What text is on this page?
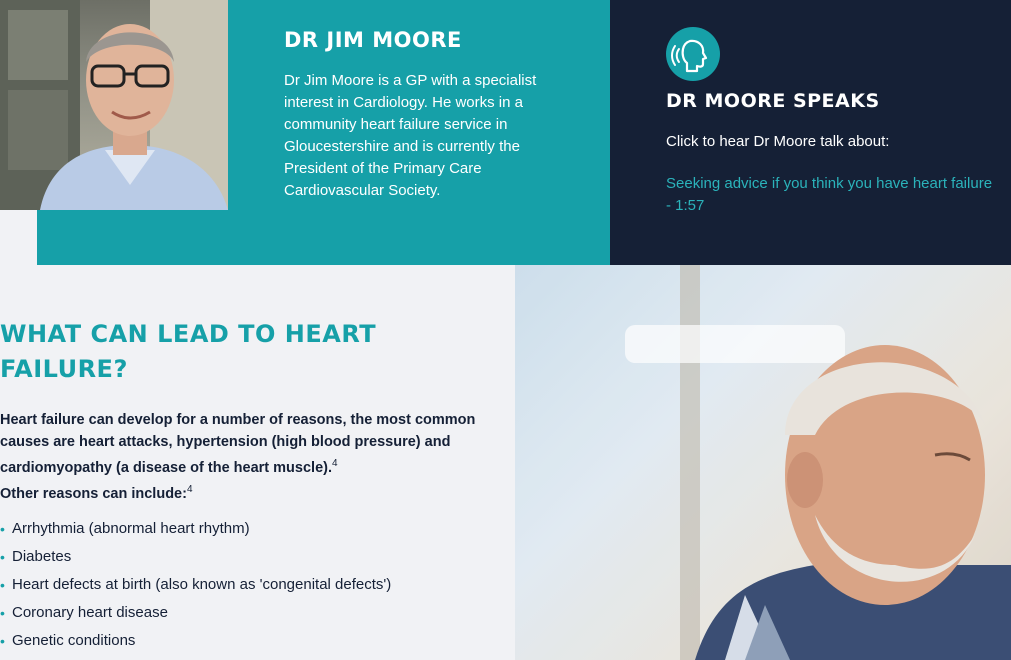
DR JIM MOORE

Dr Jim Moore is a GP with a specialist interest in Cardiology. He works in a community heart failure service in Gloucestershire and is currently the President of the Primary Care Cardiovascular Society.

DR MOORE SPEAKS

Click to hear Dr Moore talk about:

Seeking advice if you think you have heart failure
- 1:57
WHAT CAN LEAD TO HEART FAILURE?

Heart failure can develop for a number of reasons, the most common causes are heart attacks, hypertension (high blood pressure) and cardiomyopathy (a disease of the heart muscle).$^4$
Other reasons can include:$^4$

• Arrhythmia (abnormal heart rhythm)
• Diabetes
• Heart defects at birth (also known as 'congenital defects')
• Coronary heart disease
• Genetic conditions
